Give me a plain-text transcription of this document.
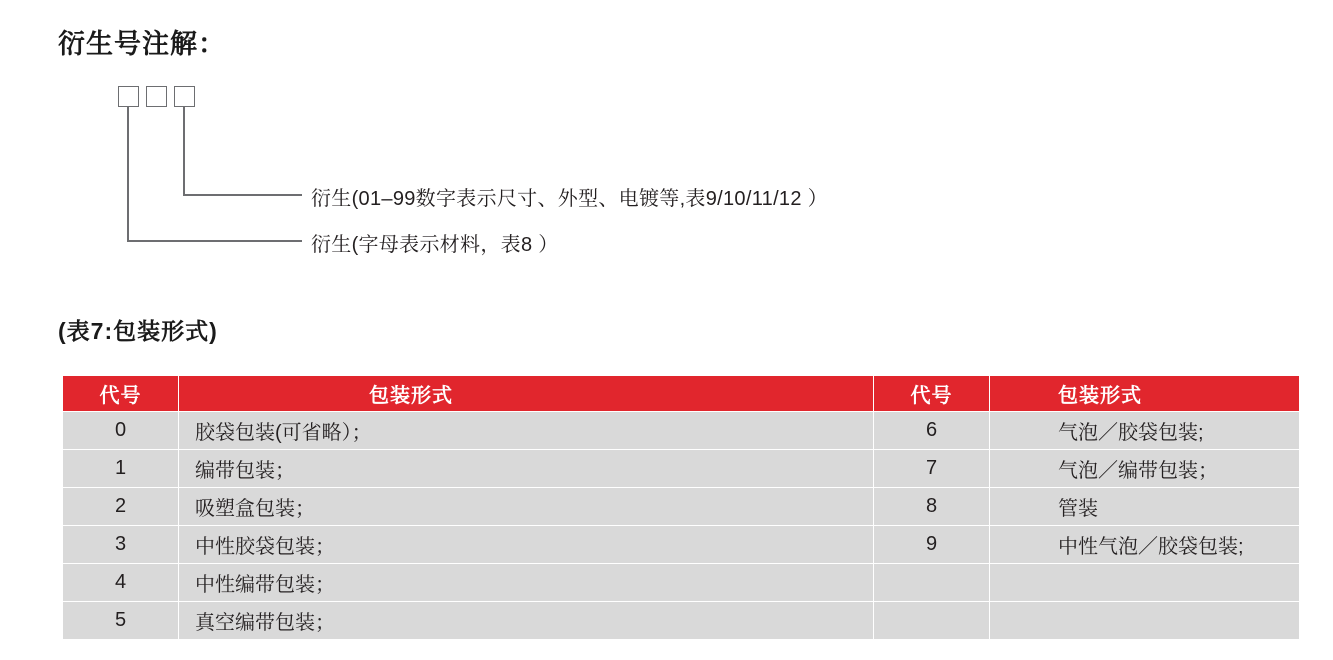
衍生号注解：
衍生(01–99数字表示尺寸、外型、电镀等,表9/10/11/12 ）
衍生(字母表示材料，表8 ）
(表7:包装形式)
代号	包装形式	代号	包装形式
0	胶袋包装(可省略）；	6	气泡／胶袋包装;
1	编带包装；	7	气泡／编带包装；
2	吸塑盒包装；	8	管装
3	中性胶袋包装；	9	中性气泡／胶袋包装;
4	中性编带包装；		
5	真空编带包装；		
